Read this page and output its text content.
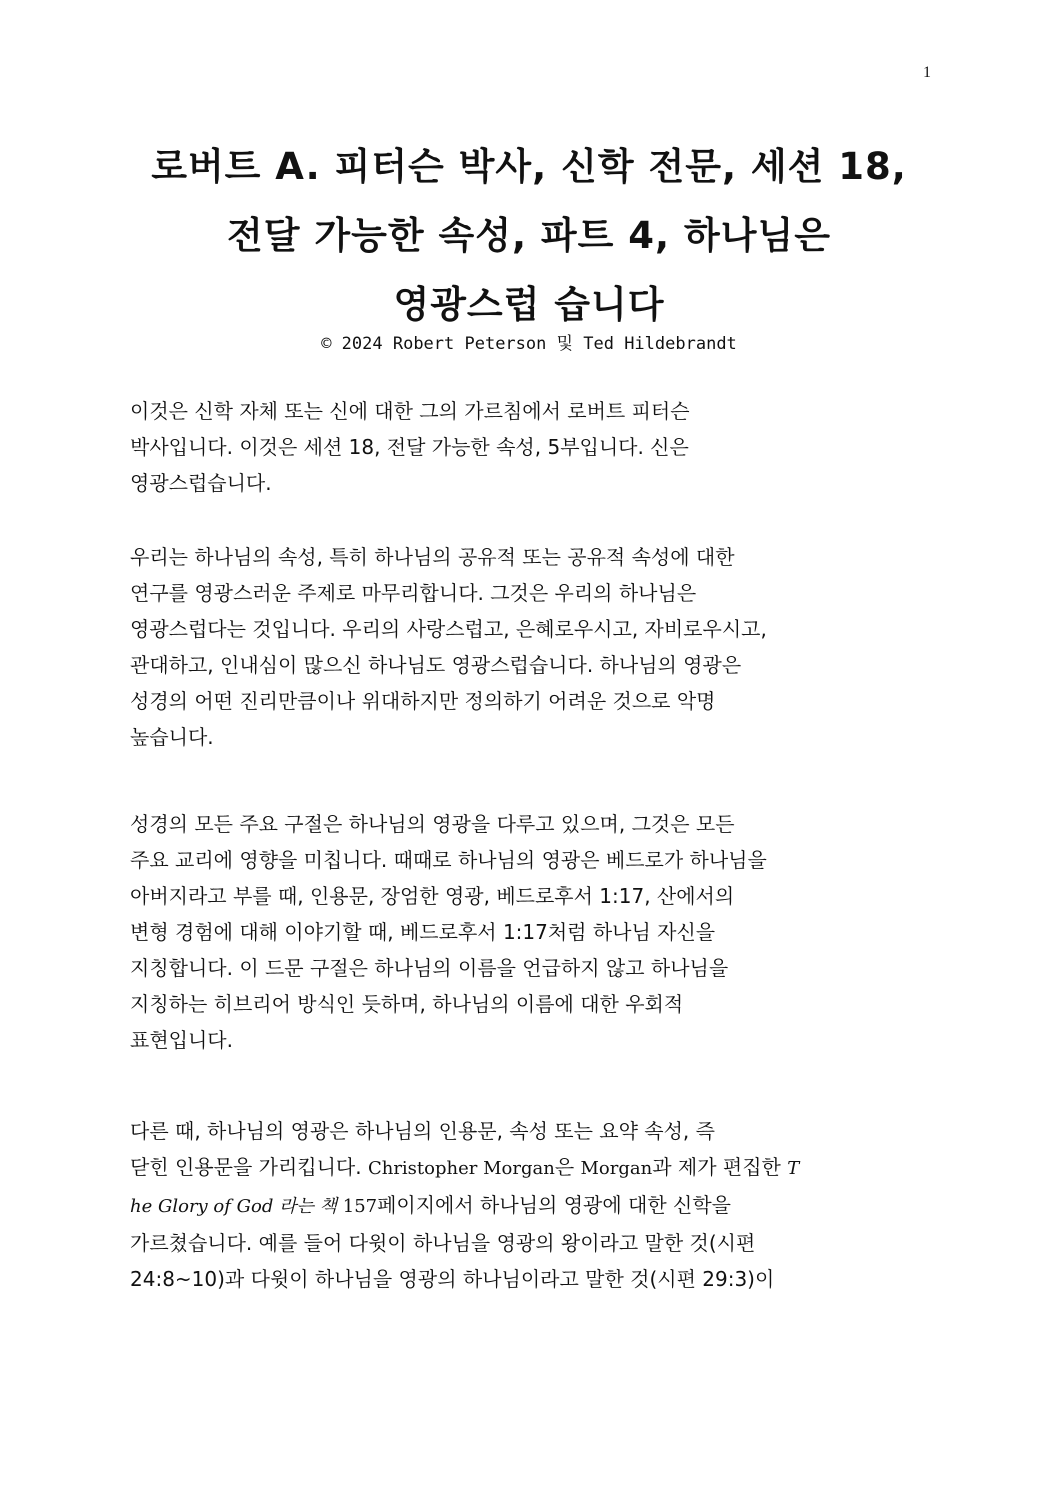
1
로버트 A. 피터슨 박사, 신학 전문, 세션 18,
전달 가능한 속성, 파트 4, 하나님은
영광스럽 습니다
© 2024 Robert Peterson 및 Ted Hildebrandt
이것은 신학 자체 또는 신에 대한 그의 가르침에서 로버트 피터슨
박사입니다. 이것은 세션 18, 전달 가능한 속성, 5부입니다. 신은
영광스럽습니다.
우리는 하나님의 속성, 특히 하나님의 공유적 또는 공유적 속성에 대한
연구를 영광스러운 주제로 마무리합니다. 그것은 우리의 하나님은
영광스럽다는 것입니다. 우리의 사랑스럽고, 은혜로우시고, 자비로우시고,
관대하고, 인내심이 많으신 하나님도 영광스럽습니다. 하나님의 영광은
성경의 어떤 진리만큼이나 위대하지만 정의하기 어려운 것으로 악명
높습니다.
성경의 모든 주요 구절은 하나님의 영광을 다루고 있으며, 그것은 모든
주요 교리에 영향을 미칩니다. 때때로 하나님의 영광은 베드로가 하나님을
아버지라고 부를 때, 인용문, 장엄한 영광, 베드로후서 1:17, 산에서의
변형 경험에 대해 이야기할 때, 베드로후서 1:17처럼 하나님 자신을
지칭합니다. 이 드문 구절은 하나님의 이름을 언급하지 않고 하나님을
지칭하는 히브리어 방식인 듯하며, 하나님의 이름에 대한 우회적
표현입니다.
다른 때, 하나님의 영광은 하나님의 인용문, 속성 또는 요약 속성, 즉
닫힌 인용문을 가리킵니다. Christopher Morgan은 Morgan과 제가 편집한 T
he Glory of God 라는 책 157페이지에서 하나님의 영광에 대한 신학을
가르쳤습니다. 예를 들어 다윗이 하나님을 영광의 왕이라고 말한 것(시편
24:8~10)과 다윗이 하나님을 영광의 하나님이라고 말한 것(시편 29:3)이
